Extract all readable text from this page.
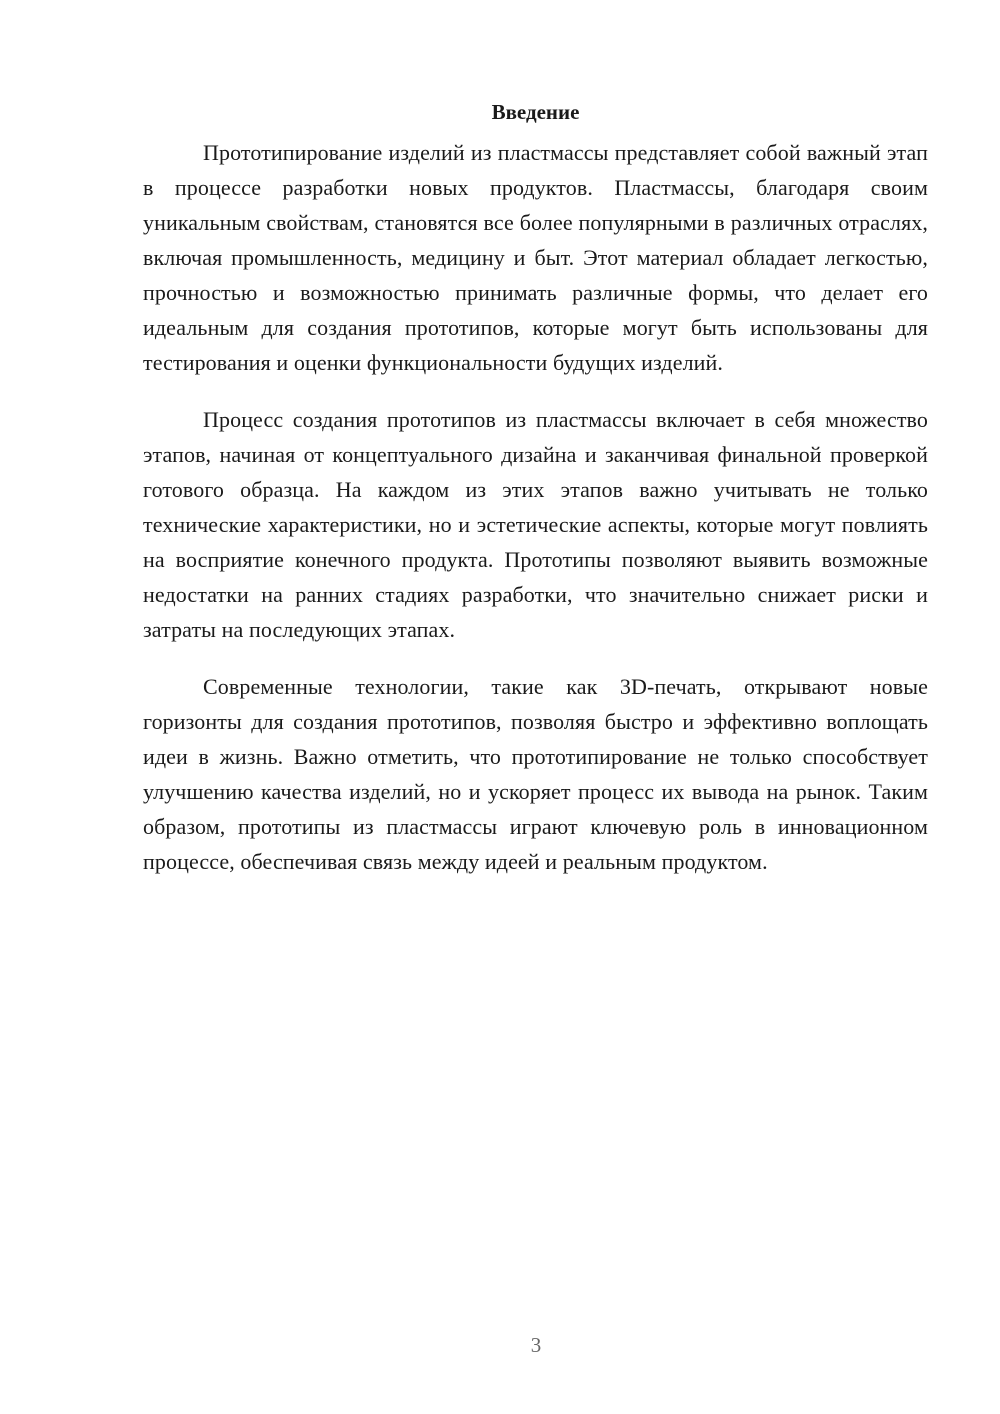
Введение

Прототипирование изделий из пластмассы представляет собой важный этап в процессе разработки новых продуктов. Пластмассы, благодаря своим уникальным свойствам, становятся все более популярными в различных отраслях, включая промышленность, медицину и быт. Этот материал обладает легкостью, прочностью и возможностью принимать различные формы, что делает его идеальным для создания прототипов, которые могут быть использованы для тестирования и оценки функциональности будущих изделий.

Процесс создания прототипов из пластмассы включает в себя множество этапов, начиная от концептуального дизайна и заканчивая финальной проверкой готового образца. На каждом из этих этапов важно учитывать не только технические характеристики, но и эстетические аспекты, которые могут повлиять на восприятие конечного продукта. Прототипы позволяют выявить возможные недостатки на ранних стадиях разработки, что значительно снижает риски и затраты на последующих этапах.

Современные технологии, такие как 3D-печать, открывают новые горизонты для создания прототипов, позволяя быстро и эффективно воплощать идеи в жизнь. Важно отметить, что прототипирование не только способствует улучшению качества изделий, но и ускоряет процесс их вывода на рынок. Таким образом, прототипы из пластмассы играют ключевую роль в инновационном процессе, обеспечивая связь между идеей и реальным продуктом.

3
